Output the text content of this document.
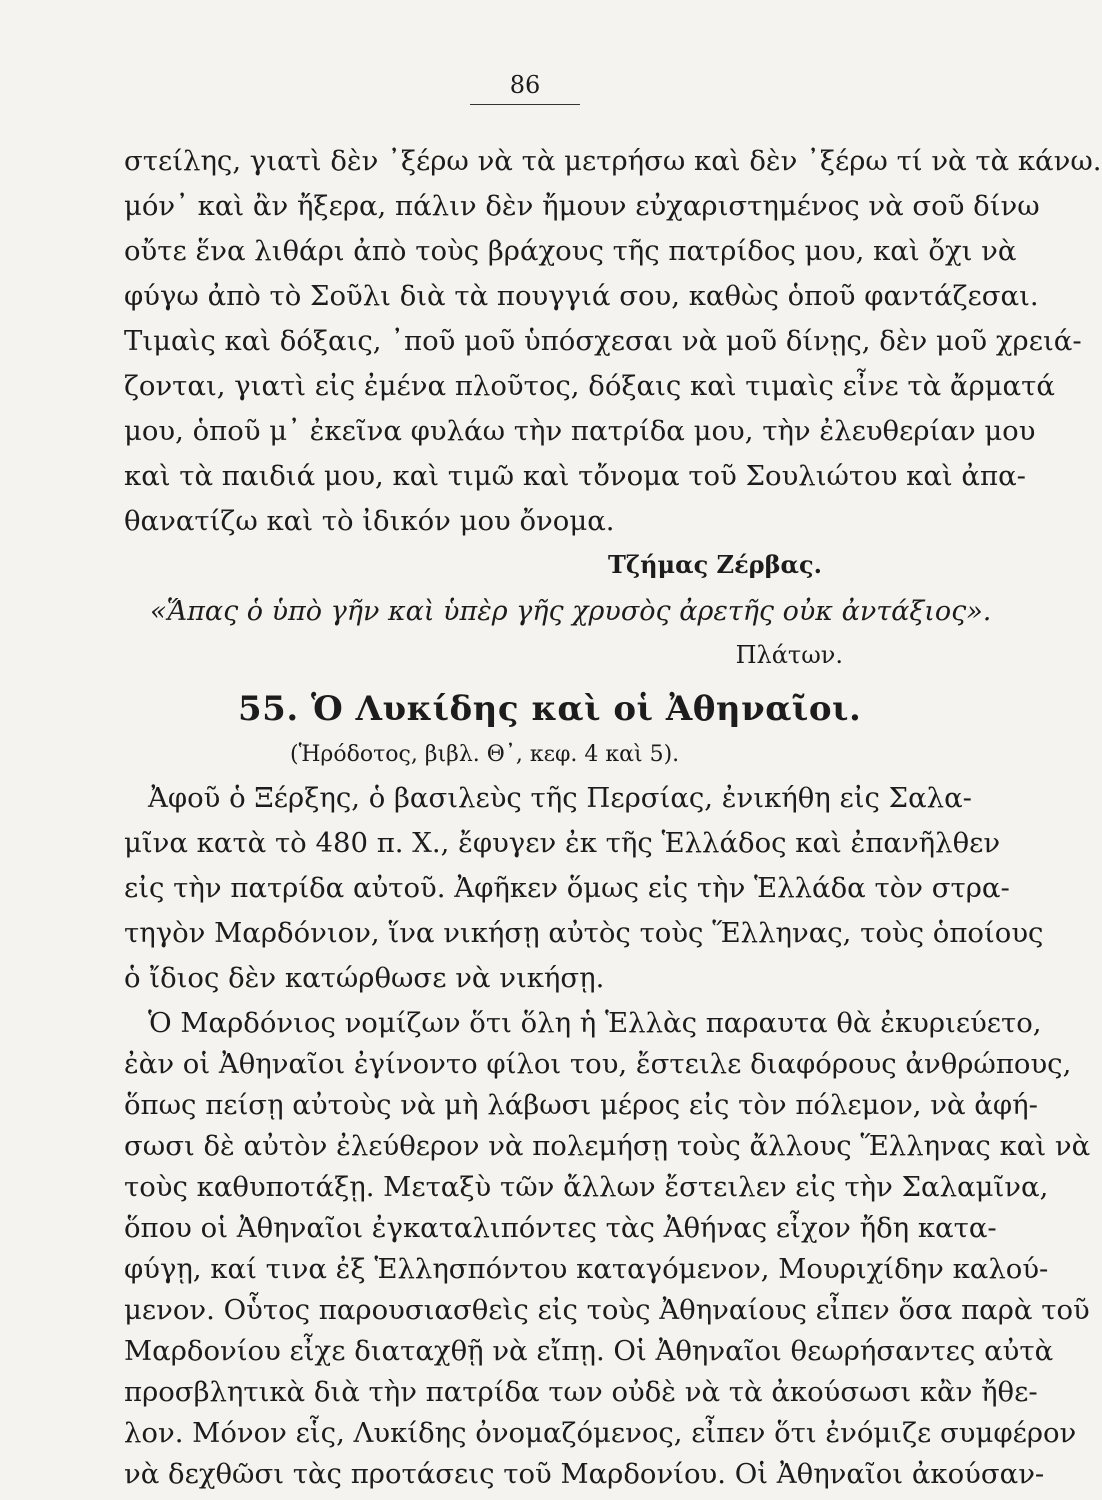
86
στείλης, γιατὶ δὲν ᾽ξέρω νὰ τὰ μετρήσω καὶ δὲν ᾽ξέρω τί νὰ τὰ κάνω.
μόν᾽ καὶ ἂν ἤξερα, πάλιν δὲν ἤμουν εὐχαριστημένος νὰ σοῦ δίνω
οὔτε ἕνα λιθάρι ἀπὸ τοὺς βράχους τῆς πατρίδος μου, καὶ ὄχι νὰ
φύγω ἀπὸ τὸ Σοῦλι διὰ τὰ πουγγιά σου, καθὼς ὁποῦ φαντάζεσαι.
Τιμαὶς καὶ δόξαις, ᾽ποῦ μοῦ ὑπόσχεσαι νὰ μοῦ δίνῃς, δὲν μοῦ χρειά-
ζονται, γιατὶ εἰς ἐμένα πλοῦτος, δόξαις καὶ τιμαὶς εἶνε τὰ ἄρματά
μου, ὁποῦ μ᾽ ἐκεῖνα φυλάω τὴν πατρίδα μου, τὴν ἐλευθερίαν μου
καὶ τὰ παιδιά μου, καὶ τιμῶ καὶ τὄνομα τοῦ Σουλιώτου καὶ ἀπα-
θανατίζω καὶ τὸ ἰδικόν μου ὄνομα.
Τζήμας Ζέρβας.
«Ἅπας ὁ ὑπὸ γῆν καὶ ὑπὲρ γῆς χρυσὸς ἀρετῆς οὐκ ἀντάξιος».
Πλάτων.
55. Ὁ Λυκίδης καὶ οἱ Ἀθηναῖοι.
(Ἡρόδοτος, βιβλ. Θ᾽, κεφ. 4 καὶ 5).
Ἀφοῦ ὁ Ξέρξης, ὁ βασιλεὺς τῆς Περσίας, ἐνικήθη εἰς Σαλα-
μῖνα κατὰ τὸ 480 π. Χ., ἔφυγεν ἐκ τῆς Ἑλλάδος καὶ ἐπανῆλθεν
εἰς τὴν πατρίδα αὐτοῦ. Ἀφῆκεν ὅμως εἰς τὴν Ἑλλάδα τὸν στρα-
τηγὸν Μαρδόνιον, ἵνα νικήσῃ αὐτὸς τοὺς Ἕλληνας, τοὺς ὁποίους
ὁ ἴδιος δὲν κατώρθωσε νὰ νικήσῃ.
Ὁ Μαρδόνιος νομίζων ὅτι ὅλη ἡ Ἑλλὰς παραυτα θὰ ἐκυριεύετο,
ἐὰν οἱ Ἀθηναῖοι ἐγίνοντο φίλοι του, ἔστειλε διαφόρους ἀνθρώπους,
ὅπως πείσῃ αὐτοὺς νὰ μὴ λάβωσι μέρος εἰς τὸν πόλεμον, νὰ ἀφή-
σωσι δὲ αὐτὸν ἐλεύθερον νὰ πολεμήσῃ τοὺς ἄλλους Ἕλληνας καὶ νὰ
τοὺς καθυποτάξῃ. Μεταξὺ τῶν ἄλλων ἔστειλεν εἰς τὴν Σαλαμῖνα,
ὅπου οἱ Ἀθηναῖοι ἐγκαταλιπόντες τὰς Ἀθήνας εἶχον ἤδη κατα-
φύγῃ, καί τινα ἐξ Ἑλλησπόντου καταγόμενον, Μουριχίδην καλού-
μενον. Οὗτος παρουσιασθεὶς εἰς τοὺς Ἀθηναίους εἶπεν ὅσα παρὰ τοῦ
Μαρδονίου εἶχε διαταχθῇ νὰ εἴπῃ. Οἱ Ἀθηναῖοι θεωρήσαντες αὐτὰ
προσβλητικὰ διὰ τὴν πατρίδα των οὐδὲ νὰ τὰ ἀκούσωσι κἂν ἤθε-
λον. Μόνον εἷς, Λυκίδης ὀνομαζόμενος, εἶπεν ὅτι ἐνόμιζε συμφέρον
νὰ δεχθῶσι τὰς προτάσεις τοῦ Μαρδονίου. Οἱ Ἀθηναῖοι ἀκούσαν-
